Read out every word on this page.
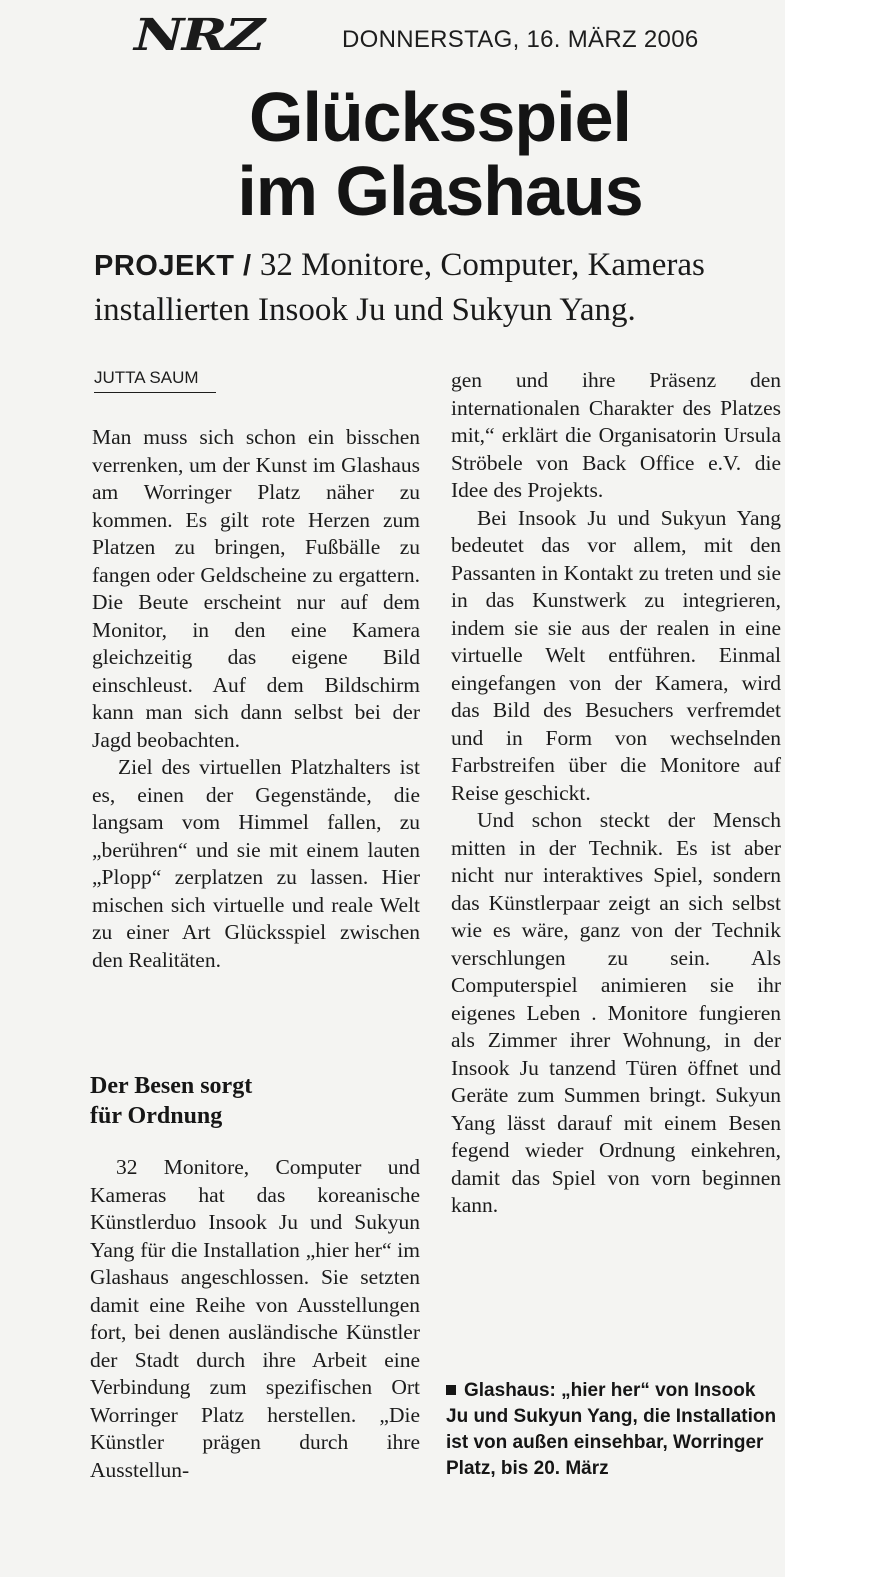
NRZ	DONNERSTAG, 16. MÄRZ 2006
Glücksspiel
im Glashaus
PROJEKT / 32 Monitore, Computer, Kameras installierten Insook Ju und Sukyun Yang.
JUTTA SAUM

Man muss sich schon ein bisschen verrenken, um der Kunst im Glashaus am Worringer Platz näher zu kommen. Es gilt rote Herzen zum Platzen zu bringen, Fußbälle zu fangen oder Geldscheine zu ergattern. Die Beute erscheint nur auf dem Monitor, in den eine Kamera gleichzeitig das eigene Bild einschleust. Auf dem Bildschirm kann man sich dann selbst bei der Jagd beobachten.

Ziel des virtuellen Platzhalters ist es, einen der Gegenstände, die langsam vom Himmel fallen, zu „berühren“ und sie mit einem lauten „Plopp“ zerplatzen zu lassen. Hier mischen sich virtuelle und reale Welt zu einer Art Glücksspiel zwischen den Realitäten.

Der Besen sorgt
für Ordnung

32 Monitore, Computer und Kameras hat das koreanische Künstlerduo Insook Ju und Sukyun Yang für die Installation „hier her“ im Glashaus angeschlossen. Sie setzten damit eine Reihe von Ausstellungen fort, bei denen ausländische Künstler der Stadt durch ihre Arbeit eine Verbindung zum spezifischen Ort Worringer Platz herstellen. „Die Künstler prägen durch ihre Ausstellun-

gen und ihre Präsenz den internationalen Charakter des Platzes mit,“ erklärt die Organisatorin Ursula Ströbele von Back Office e.V. die Idee des Projekts.

Bei Insook Ju und Sukyun Yang bedeutet das vor allem, mit den Passanten in Kontakt zu treten und sie in das Kunstwerk zu integrieren, indem sie sie aus der realen in eine virtuelle Welt entführen. Einmal eingefangen von der Kamera, wird das Bild des Besuchers verfremdet und in Form von wechselnden Farbstreifen über die Monitore auf Reise geschickt.

Und schon steckt der Mensch mitten in der Technik. Es ist aber nicht nur interaktives Spiel, sondern das Künstlerpaar zeigt an sich selbst wie es wäre, ganz von der Technik verschlungen zu sein. Als Computerspiel animieren sie ihr eigenes Leben . Monitore fungieren als Zimmer ihrer Wohnung, in der Insook Ju tanzend Türen öffnet und Geräte zum Summen bringt. Sukyun Yang lässt darauf mit einem Besen fegend wieder Ordnung einkehren, damit das Spiel von vorn beginnen kann.

Glashaus: „hier her“ von Insook Ju und Sukyun Yang, die Installation ist von außen einsehbar, Worringer Platz, bis 20. März
